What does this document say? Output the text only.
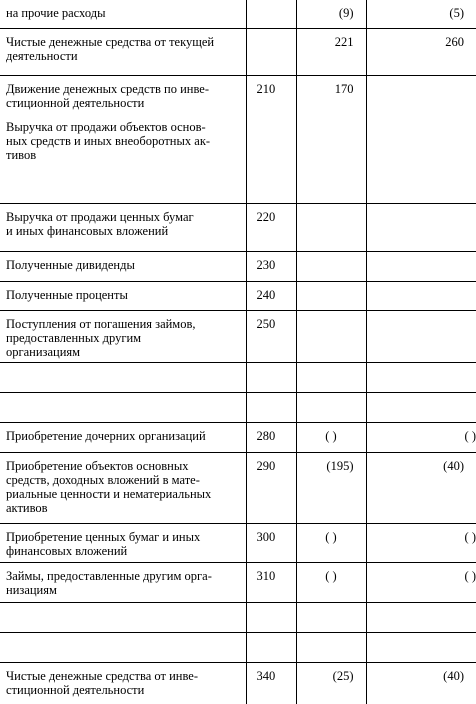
на прочие расходы		(9)	(5)

Чистые денежные средства от текущей
деятельности		221	260

Движение денежных средств по инве-
стиционной деятельности
Выручка от продажи объектов основ-
ных средств и иных внеоборотных ак-
тивов	210	170	

Выручка от продажи ценных бумаг
и иных финансовых вложений	220		

Полученные дивиденды	230		

Полученные проценты	240		

Поступления от погашения займов,
предоставленных другим
организациям	250		

Приобретение дочерних организаций	280	( )	( )

Приобретение объектов основных
средств, доходных вложений в мате-
риальные ценности и нематериальных
активов	290	(195)	(40)

Приобретение ценных бумаг и иных
финансовых вложений	300	( )	( )

Займы, предоставленные другим орга-
низациям	310	( )	( )

Чистые денежные средства от инве-
стиционной деятельности	340	(25)	(40)
